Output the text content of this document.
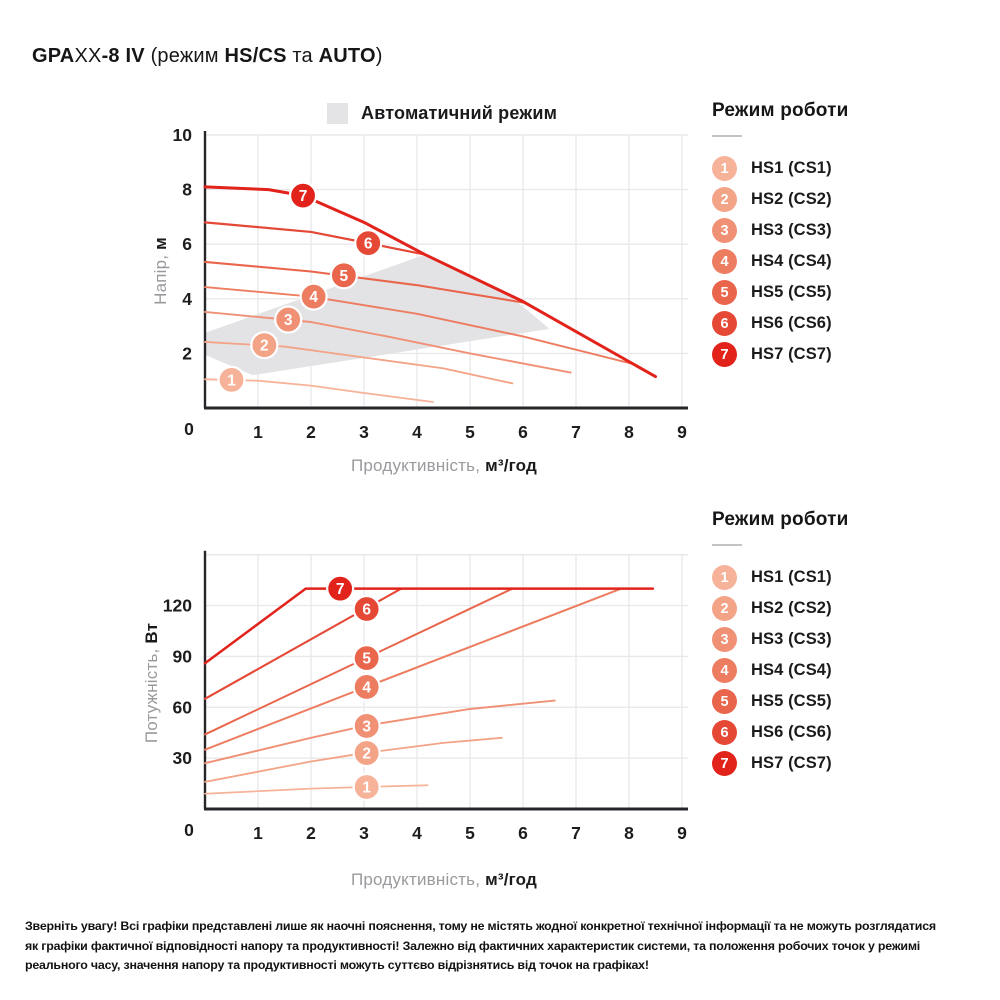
GPAXX-8 IV (режим HS/CS та AUTO)
Автоматичний режим
1
2
3
4
5
6
7
1 2 3 4 5 6 7 8 9
2
4
6
8
10
0
Продуктивність, м³/год
Напір, м
Режим роботи
1	HS1 (CS1)
2	HS2 (CS2)
3	HS3 (CS3)
4	HS4 (CS4)
5	HS5 (CS5)
6	HS6 (CS6)
7	HS7 (CS7)
Режим роботи
1	HS1 (CS1)
2	HS2 (CS2)
3	HS3 (CS3)
4	HS4 (CS4)
5	HS5 (CS5)
6	HS6 (CS6)
7	HS7 (CS7)
1
2
3
4
5
6
7
1 2 3 4 5 6 7 8 9
30
60
90
120
0
Продуктивність, м³/год
Потужність, Вт
Зверніть увагу! Всі графіки представлені лише як наочні пояснення, тому не містять жодної конкретної технічної інформації та не можуть розглядатися
як графіки фактичної відповідності напору та продуктивності! Залежно від фактичних характеристик системи, та положення робочих точок у режимі
реального часу, значення напору та продуктивності можуть суттєво відрізнятись від точок на графіках!
